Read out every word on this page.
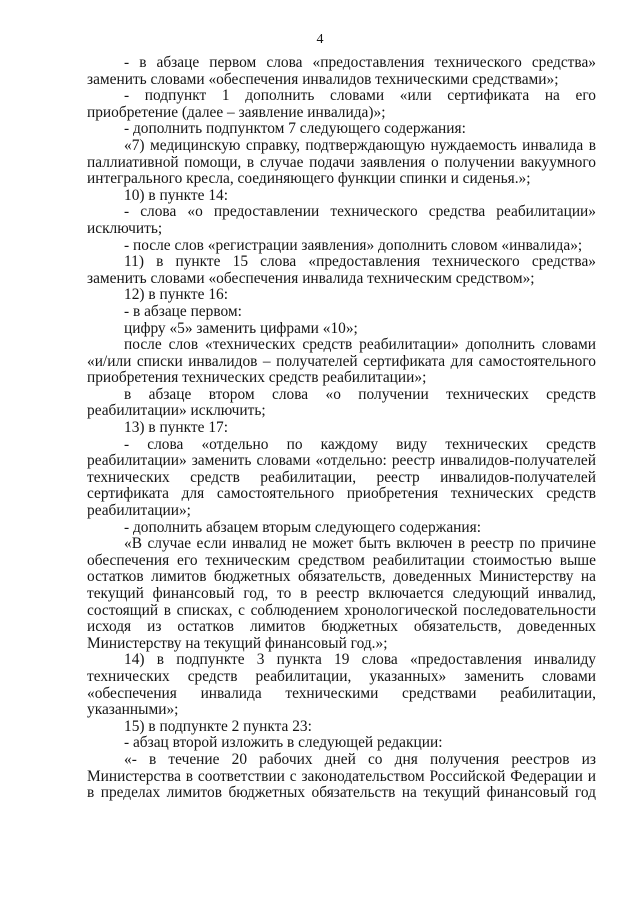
4

- в абзаце первом слова «предоставления технического средства» заменить словами «обеспечения инвалидов техническими средствами»;

- подпункт 1 дополнить словами «или сертификата на его приобретение (далее – заявление инвалида)»;

- дополнить подпунктом 7 следующего содержания:

«7) медицинскую справку, подтверждающую нуждаемость инвалида в паллиативной помощи, в случае подачи заявления о получении вакуумного интегрального кресла, соединяющего функции спинки и сиденья.»;

10) в пункте 14:

- слова «о предоставлении технического средства реабилитации» исключить;

- после слов «регистрации заявления» дополнить словом «инвалида»;

11) в пункте 15 слова «предоставления технического средства» заменить словами «обеспечения инвалида техническим средством»;

12) в пункте 16:

- в абзаце первом:

цифру «5» заменить цифрами «10»;

после слов «технических средств реабилитации» дополнить словами «и/или списки инвалидов – получателей сертификата для самостоятельного приобретения технических средств реабилитации»;

в абзаце втором слова «о получении технических средств реабилитации» исключить;

13) в пункте 17:

- слова «отдельно по каждому виду технических средств реабилитации» заменить словами «отдельно: реестр инвалидов-получателей технических средств реабилитации, реестр инвалидов-получателей сертификата для самостоятельного приобретения технических средств реабилитации»;

- дополнить абзацем вторым следующего содержания:

«В случае если инвалид не может быть включен в реестр по причине обеспечения его техническим средством реабилитации стоимостью выше остатков лимитов бюджетных обязательств, доведенных Министерству на текущий финансовый год, то в реестр включается следующий инвалид, состоящий в списках, с соблюдением хронологической последовательности исходя из остатков лимитов бюджетных обязательств, доведенных Министерству на текущий финансовый год.»;

14) в подпункте 3 пункта 19 слова «предоставления инвалиду технических средств реабилитации, указанных» заменить словами «обеспечения инвалида техническими средствами реабилитации, указанными»;

15) в подпункте 2 пункта 23:

- абзац второй изложить в следующей редакции:

«- в течение 20 рабочих дней со дня получения реестров из Министерства в соответствии с законодательством Российской Федерации и в пределах лимитов бюджетных обязательств на текущий финансовый год
